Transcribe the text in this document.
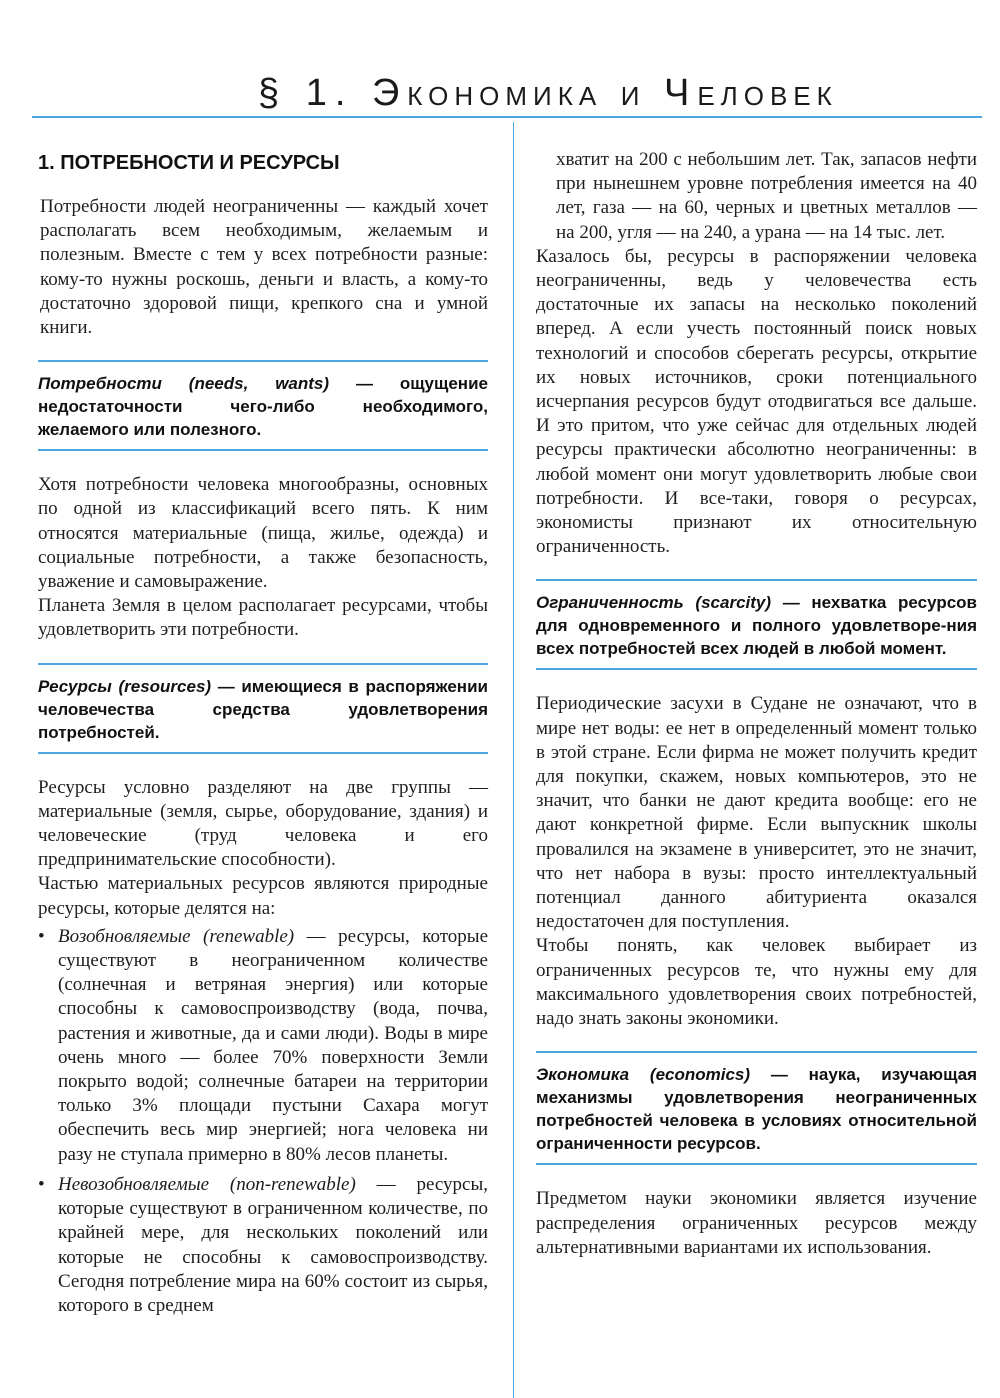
§ 1. ЭКОНОМИКА И ЧЕЛОВЕК
1. ПОТРЕБНОСТИ И РЕСУРСЫ

Потребности людей неограниченны — каждый хочет располагать всем необходимым, желаемым и полезным. Вместе с тем у всех потребности разные: кому-то нужны роскошь, деньги и власть, а кому-то достаточно здоровой пищи, крепкого сна и умной книги.

Потребности (needs, wants) — ощущение недостаточности чего-либо необходимого, желаемого или полезного.

Хотя потребности человека многообразны, основных по одной из классификаций всего пять. К ним относятся материальные (пища, жилье, одежда) и социальные потребности, а также безопасность, уважение и самовыражение.

Планета Земля в целом располагает ресурсами, чтобы удовлетворить эти потребности.

Ресурсы (resources) — имеющиеся в распоряжении человечества средства удовлетворения потребностей.

Ресурсы условно разделяют на две группы — материальные (земля, сырье, оборудование, здания) и человеческие (труд человека и его предпринимательские способности).

Частью материальных ресурсов являются природные ресурсы, которые делятся на:

• Возобновляемые (renewable) — ресурсы, которые существуют в неограниченном количестве (солнечная и ветряная энергия) или которые способны к самовоспроизводству (вода, почва, растения и животные, да и сами люди). Воды в мире очень много — более 70% поверхности Земли покрыто водой; солнечные батареи на территории только 3% площади пустыни Сахара могут обеспечить весь мир энергией; нога человека ни разу не ступала примерно в 80% лесов планеты.
• Невозобновляемые (non-renewable) — ресурсы, которые существуют в ограниченном количестве, по крайней мере, для нескольких поколений или которые не способны к самовоспроизводству. Сегодня потребление мира на 60% состоит из сырья, которого в среднем

хватит на 200 с небольшим лет. Так, запасов нефти при нынешнем уровне потребления имеется на 40 лет, газа — на 60, черных и цветных металлов — на 200, угля — на 240, а урана — на 14 тыс. лет.

Казалось бы, ресурсы в распоряжении человека неограниченны, ведь у человечества есть достаточные их запасы на несколько поколений вперед. А если учесть постоянный поиск новых технологий и способов сберегать ресурсы, открытие их новых источников, сроки потенциального исчерпания ресурсов будут отодвигаться все дальше. И это притом, что уже сейчас для отдельных людей ресурсы практически абсолютно неограниченны: в любой момент они могут удовлетворить любые свои потребности. И все-таки, говоря о ресурсах, экономисты признают их относительную ограниченность.

Ограниченность (scarcity) — нехватка ресурсов для одновременного и полного удовлетворе-ния всех потребностей всех людей в любой момент.

Периодические засухи в Судане не означают, что в мире нет воды: ее нет в определенный момент только в этой стране. Если фирма не может получить кредит для покупки, скажем, новых компьютеров, это не значит, что банки не дают кредита вообще: его не дают конкретной фирме. Если выпускник школы провалился на экзамене в университет, это не значит, что нет набора в вузы: просто интеллектуальный потенциал данного абитуриента оказался недостаточен для поступления.

Чтобы понять, как человек выбирает из ограниченных ресурсов те, что нужны ему для максимального удовлетворения своих потребностей, надо знать законы экономики.

Экономика (economics) — наука, изучающая механизмы удовлетворения неограниченных потребностей человека в условиях относительной ограниченности ресурсов.

Предметом науки экономики является изучение распределения ограниченных ресурсов между альтернативными вариантами их использования.
